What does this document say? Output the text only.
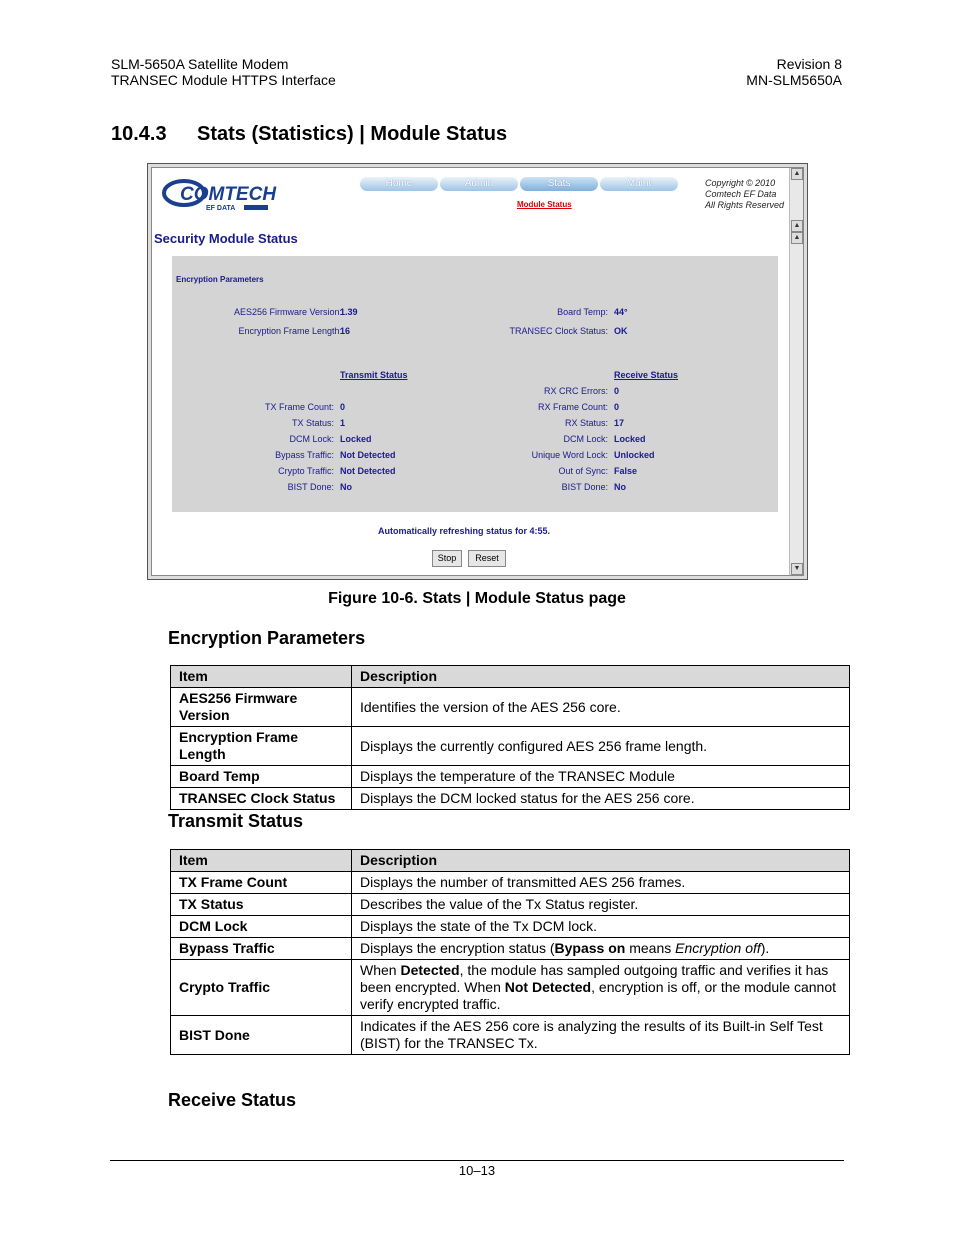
SLM-5650A Satellite Modem
TRANSEC Module HTTPS Interface
Revision 8
MN-SLM5650A
10.4.3 Stats (Statistics) | Module Status
COMTECH
EF DATA
Home	Admin	Stats	Maint
Module Status
Copyright © 2010
Comtech EF Data
All Rights Reserved
Security Module Status
Encryption Parameters
AES256 Firmware Version:
1.39
Encryption Frame Length:
16
Board Temp: 44°
TRANSEC Clock Status: OK
Transmit Status	Receive Status
TX Frame Count: 0
TX Status: 1
DCM Lock: Locked
Bypass Traffic: Not Detected
Crypto Traffic: Not Detected
BIST Done: No
RX CRC Errors: 0
RX Frame Count: 0
RX Status: 17
DCM Lock: Locked
Unique Word Lock: Unlocked
Out of Sync: False
BIST Done: No
Automatically refreshing status for 4:55.
Stop	Reset
▲
▲
▲
▼
Figure 10-6. Stats | Module Status page
Encryption Parameters
Item	Description
AES256 Firmware Version	Identifies the version of the AES 256 core.
Encryption Frame Length	Displays the currently configured AES 256 frame length.
Board Temp	Displays the temperature of the TRANSEC Module
TRANSEC Clock Status	Displays the DCM locked status for the AES 256 core.
Transmit Status
Item	Description
TX Frame Count	Displays the number of transmitted AES 256 frames.
TX Status	Describes the value of the Tx Status register.
DCM Lock	Displays the state of the Tx DCM lock.
Bypass Traffic	Displays the encryption status (Bypass on means Encryption off).
Crypto Traffic	When Detected, the module has sampled outgoing traffic and verifies it has been encrypted. When Not Detected, encryption is off, or the module cannot verify encrypted traffic.
BIST Done	Indicates if the AES 256 core is analyzing the results of its Built-in Self Test (BIST) for the TRANSEC Tx.
Receive Status
10–13
